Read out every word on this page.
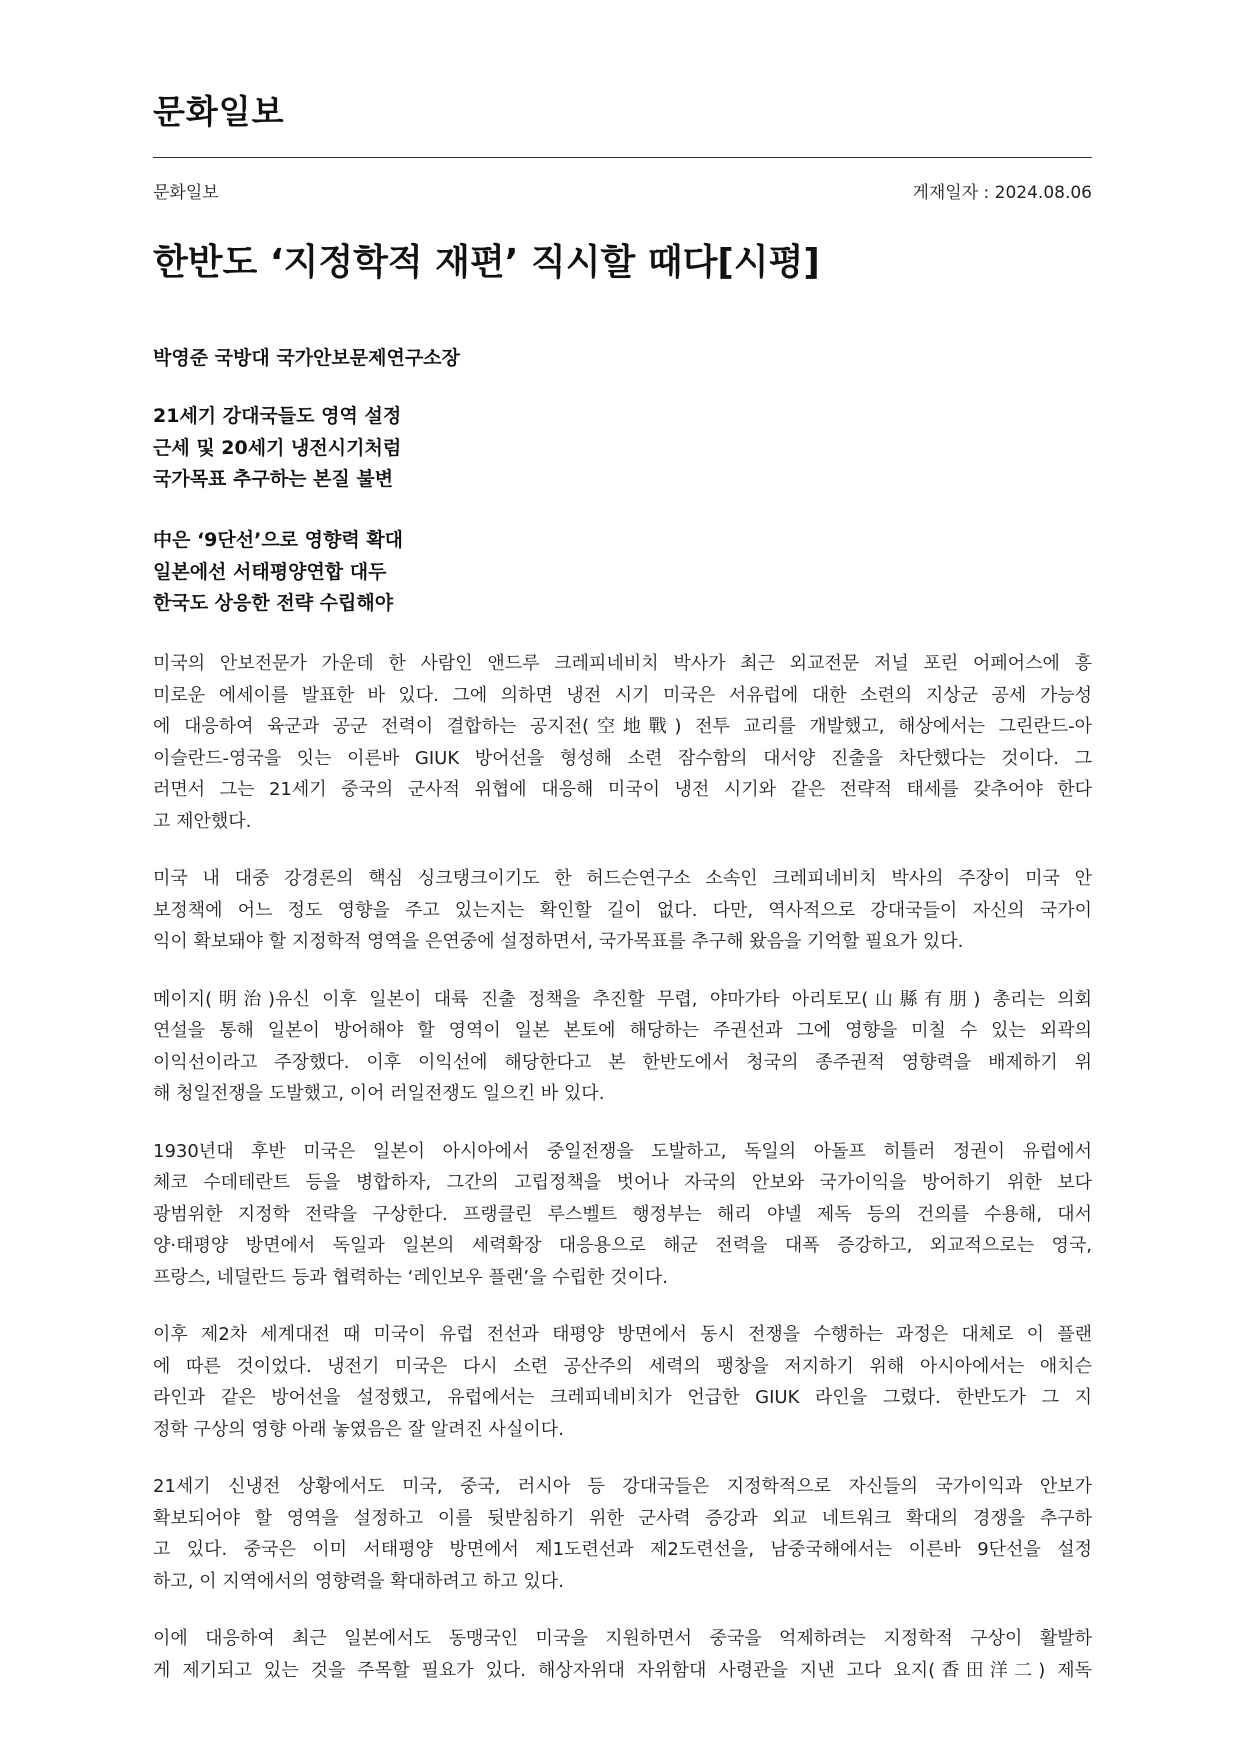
문화일보
문화일보	게재일자 : 2024.08.06
한반도 ‘지정학적 재편’ 직시할 때다[시평]
박영준 국방대 국가안보문제연구소장
21세기 강대국들도 영역 설정
근세 및 20세기 냉전시기처럼
국가목표 추구하는 본질 불변
中은 ‘9단선’으로 영향력 확대
일본에선 서태평양연합 대두
한국도 상응한 전략 수립해야

미국의 안보전문가 가운데 한 사람인 앤드루 크레피네비치 박사가 최근 외교전문 저널 포린 어페어스에 흥
미로운 에세이를 발표한 바 있다. 그에 의하면 냉전 시기 미국은 서유럽에 대한 소련의 지상군 공세 가능성
에 대응하여 육군과 공군 전력이 결합하는 공지전(空地戰) 전투 교리를 개발했고, 해상에서는 그린란드-아
이슬란드-영국을 잇는 이른바 GIUK 방어선을 형성해 소련 잠수함의 대서양 진출을 차단했다는 것이다. 그
러면서 그는 21세기 중국의 군사적 위협에 대응해 미국이 냉전 시기와 같은 전략적 태세를 갖추어야 한다
고 제안했다.

미국 내 대중 강경론의 핵심 싱크탱크이기도 한 허드슨연구소 소속인 크레피네비치 박사의 주장이 미국 안
보정책에 어느 정도 영향을 주고 있는지는 확인할 길이 없다. 다만, 역사적으로 강대국들이 자신의 국가이
익이 확보돼야 할 지정학적 영역을 은연중에 설정하면서, 국가목표를 추구해 왔음을 기억할 필요가 있다.

메이지(明治)유신 이후 일본이 대륙 진출 정책을 추진할 무렵, 야마가타 아리토모(山縣有朋) 총리는 의회
연설을 통해 일본이 방어해야 할 영역이 일본 본토에 해당하는 주권선과 그에 영향을 미칠 수 있는 외곽의
이익선이라고 주장했다. 이후 이익선에 해당한다고 본 한반도에서 청국의 종주권적 영향력을 배제하기 위
해 청일전쟁을 도발했고, 이어 러일전쟁도 일으킨 바 있다.

1930년대 후반 미국은 일본이 아시아에서 중일전쟁을 도발하고, 독일의 아돌프 히틀러 정권이 유럽에서
체코 수데테란트 등을 병합하자, 그간의 고립정책을 벗어나 자국의 안보와 국가이익을 방어하기 위한 보다
광범위한 지정학 전략을 구상한다. 프랭클린 루스벨트 행정부는 해리 야넬 제독 등의 건의를 수용해, 대서
양·태평양 방면에서 독일과 일본의 세력확장 대응용으로 해군 전력을 대폭 증강하고, 외교적으로는 영국,
프랑스, 네덜란드 등과 협력하는 ‘레인보우 플랜’을 수립한 것이다.

이후 제2차 세계대전 때 미국이 유럽 전선과 태평양 방면에서 동시 전쟁을 수행하는 과정은 대체로 이 플랜
에 따른 것이었다. 냉전기 미국은 다시 소련 공산주의 세력의 팽창을 저지하기 위해 아시아에서는 애치슨
라인과 같은 방어선을 설정했고, 유럽에서는 크레피네비치가 언급한 GIUK 라인을 그렸다. 한반도가 그 지
정학 구상의 영향 아래 놓였음은 잘 알려진 사실이다.

21세기 신냉전 상황에서도 미국, 중국, 러시아 등 강대국들은 지정학적으로 자신들의 국가이익과 안보가
확보되어야 할 영역을 설정하고 이를 뒷받침하기 위한 군사력 증강과 외교 네트워크 확대의 경쟁을 추구하
고 있다. 중국은 이미 서태평양 방면에서 제1도련선과 제2도련선을, 남중국해에서는 이른바 9단선을 설정
하고, 이 지역에서의 영향력을 확대하려고 하고 있다.

이에 대응하여 최근 일본에서도 동맹국인 미국을 지원하면서 중국을 억제하려는 지정학적 구상이 활발하
게 제기되고 있는 것을 주목할 필요가 있다. 해상자위대 자위함대 사령관을 지낸 고다 요지(香田洋二) 제독
